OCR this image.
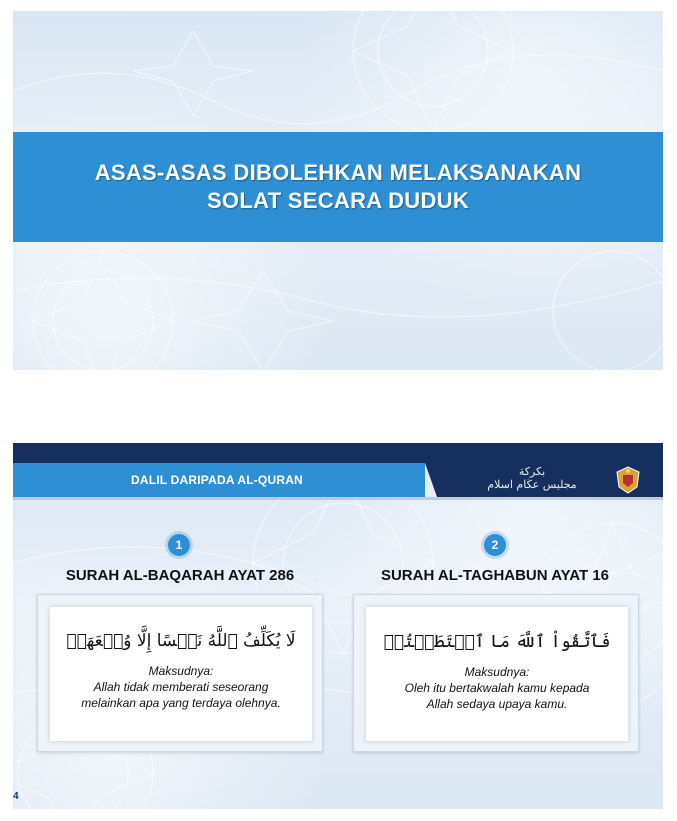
ASAS-ASAS DIBOLEHKAN MELAKSANAKAN
SOLAT SECARA DUDUK
DALIL DARIPADA AL-QURAN
بكركة
مجليس عڬام اسلام
1
SURAH AL-BAQARAH AYAT 286
لَا يُكَلِّفُ ٱللَّهُ نَفۡسًا إِلَّا وُسۡعَهَاۚ
Maksudnya:
Allah tidak memberati seseorang
melainkan apa yang terdaya olehnya.
2
SURAH AL-TAGHABUN AYAT 16
فَٱتَّقُواْ ٱللَّهَ مَا ٱسۡتَطَعۡتُمۡ
Maksudnya:
Oleh itu bertakwalah kamu kepada
Allah sedaya upaya kamu.
4
